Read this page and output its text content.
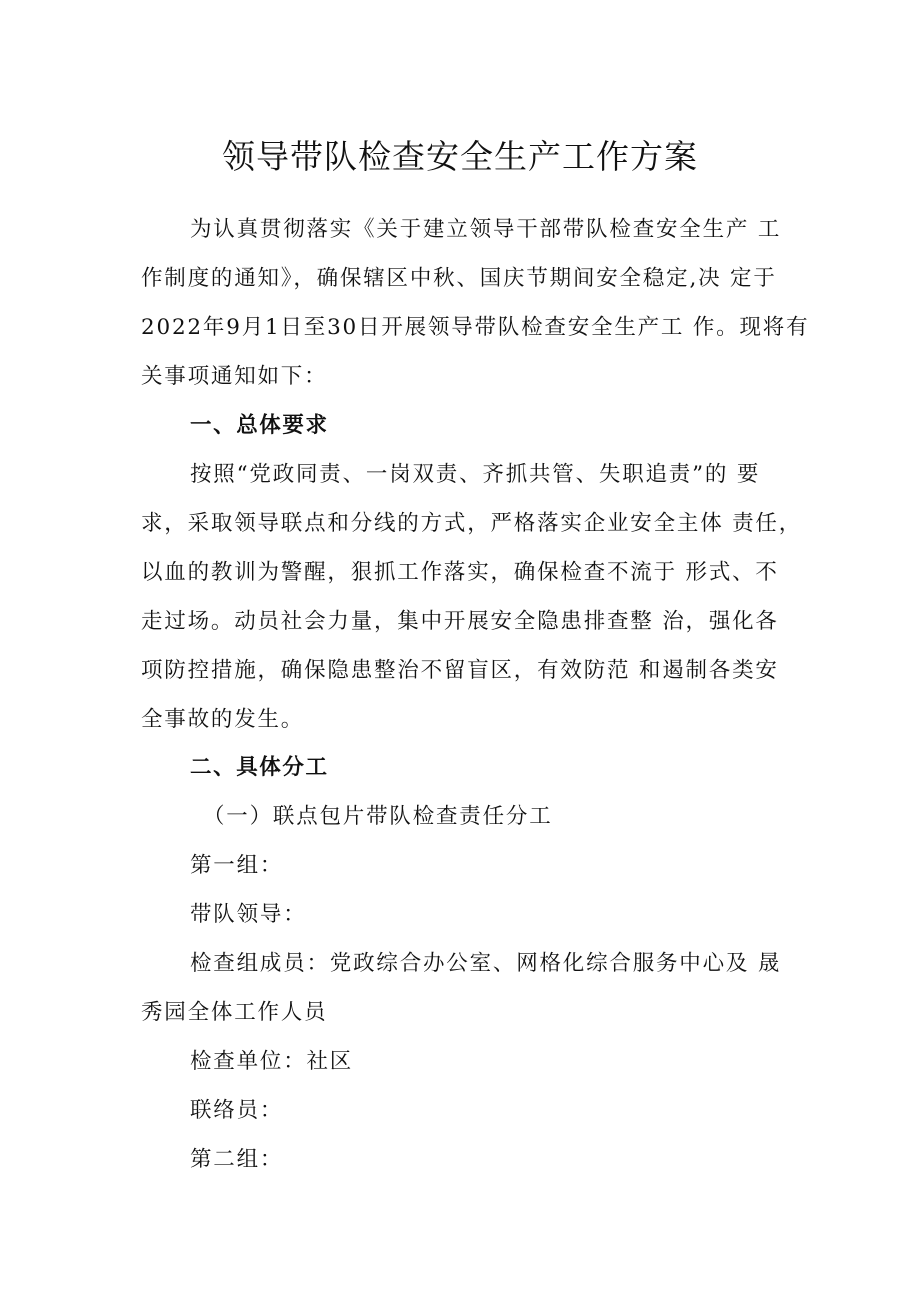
领导带队检查安全生产工作方案
为认真贯彻落实《关于建立领导干部带队检查安全生产 工
作制度的通知》，确保辖区中秋、国庆节期间安全稳定,决 定于
2022年9月1日至30日开展领导带队检查安全生产工 作。现将有
关事项通知如下：
一、总体要求
按照“党政同责、一岗双责、齐抓共管、失职追责”的 要
求，采取领导联点和分线的方式，严格落实企业安全主体 责任，
以血的教训为警醒，狠抓工作落实，确保检查不流于 形式、不
走过场。动员社会力量，集中开展安全隐患排查整 治，强化各
项防控措施，确保隐患整治不留盲区，有效防范 和遏制各类安
全事故的发生。
二、具体分工
（一）联点包片带队检查责任分工
第一组：
带队领导：
检查组成员：党政综合办公室、网格化综合服务中心及 晟
秀园全体工作人员
检查单位：社区
联络员：
第二组：
